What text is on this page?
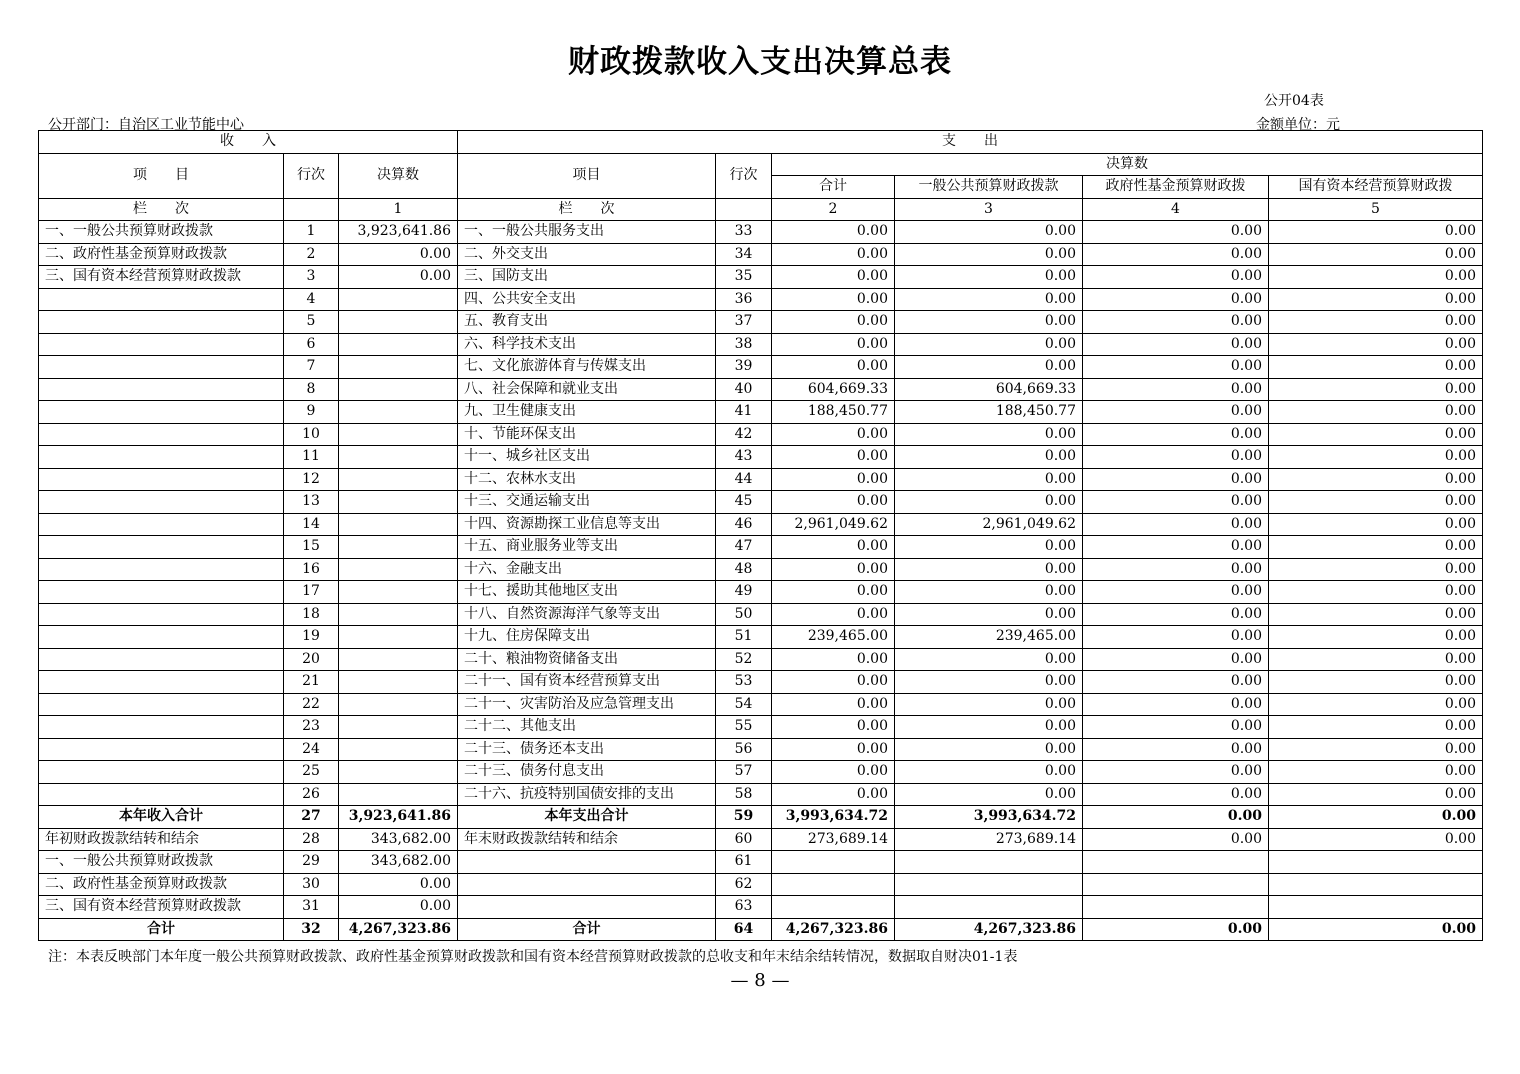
财政拨款收入支出决算总表
公开04表
公开部门：自治区工业节能中心	金额单位：元
收　　入			支　　出					
项　　目	行次	决算数	项目	行次	决算数			
					合计	一般公共预算财政拨款	政府性基金预算财政拨	国有资本经营预算财政拨
栏　　次		1	栏　　次		2	3	4	5
一、一般公共预算财政拨款	1	3,923,641.86	一、一般公共服务支出	33	0.00	0.00	0.00	0.00
二、政府性基金预算财政拨款	2	0.00	二、外交支出	34	0.00	0.00	0.00	0.00
三、国有资本经营预算财政拨款	3	0.00	三、国防支出	35	0.00	0.00	0.00	0.00
	4		四、公共安全支出	36	0.00	0.00	0.00	0.00
	5		五、教育支出	37	0.00	0.00	0.00	0.00
	6		六、科学技术支出	38	0.00	0.00	0.00	0.00
	7		七、文化旅游体育与传媒支出	39	0.00	0.00	0.00	0.00
	8		八、社会保障和就业支出	40	604,669.33	604,669.33	0.00	0.00
	9		九、卫生健康支出	41	188,450.77	188,450.77	0.00	0.00
	10		十、节能环保支出	42	0.00	0.00	0.00	0.00
	11		十一、城乡社区支出	43	0.00	0.00	0.00	0.00
	12		十二、农林水支出	44	0.00	0.00	0.00	0.00
	13		十三、交通运输支出	45	0.00	0.00	0.00	0.00
	14		十四、资源勘探工业信息等支出	46	2,961,049.62	2,961,049.62	0.00	0.00
	15		十五、商业服务业等支出	47	0.00	0.00	0.00	0.00
	16		十六、金融支出	48	0.00	0.00	0.00	0.00
	17		十七、援助其他地区支出	49	0.00	0.00	0.00	0.00
	18		十八、自然资源海洋气象等支出	50	0.00	0.00	0.00	0.00
	19		十九、住房保障支出	51	239,465.00	239,465.00	0.00	0.00
	20		二十、粮油物资储备支出	52	0.00	0.00	0.00	0.00
	21		二十一、国有资本经营预算支出	53	0.00	0.00	0.00	0.00
	22		二十一、灾害防治及应急管理支出	54	0.00	0.00	0.00	0.00
	23		二十二、其他支出	55	0.00	0.00	0.00	0.00
	24		二十三、债务还本支出	56	0.00	0.00	0.00	0.00
	25		二十三、债务付息支出	57	0.00	0.00	0.00	0.00
	26		二十六、抗疫特别国债安排的支出	58	0.00	0.00	0.00	0.00
本年收入合计	27	3,923,641.86	本年支出合计	59	3,993,634.72	3,993,634.72	0.00	0.00
年初财政拨款结转和结余	28	343,682.00	年末财政拨款结转和结余	60	273,689.14	273,689.14	0.00	0.00
一、一般公共预算财政拨款	29	343,682.00		61				
二、政府性基金预算财政拨款	30	0.00		62				
三、国有资本经营预算财政拨款	31	0.00		63				
合计	32	4,267,323.86	合计	64	4,267,323.86	4,267,323.86	0.00	0.00
注：本表反映部门本年度一般公共预算财政拨款、政府性基金预算财政拨款和国有资本经营预算财政拨款的总收支和年末结余结转情况，数据取自财决01-1表
— 8 —
